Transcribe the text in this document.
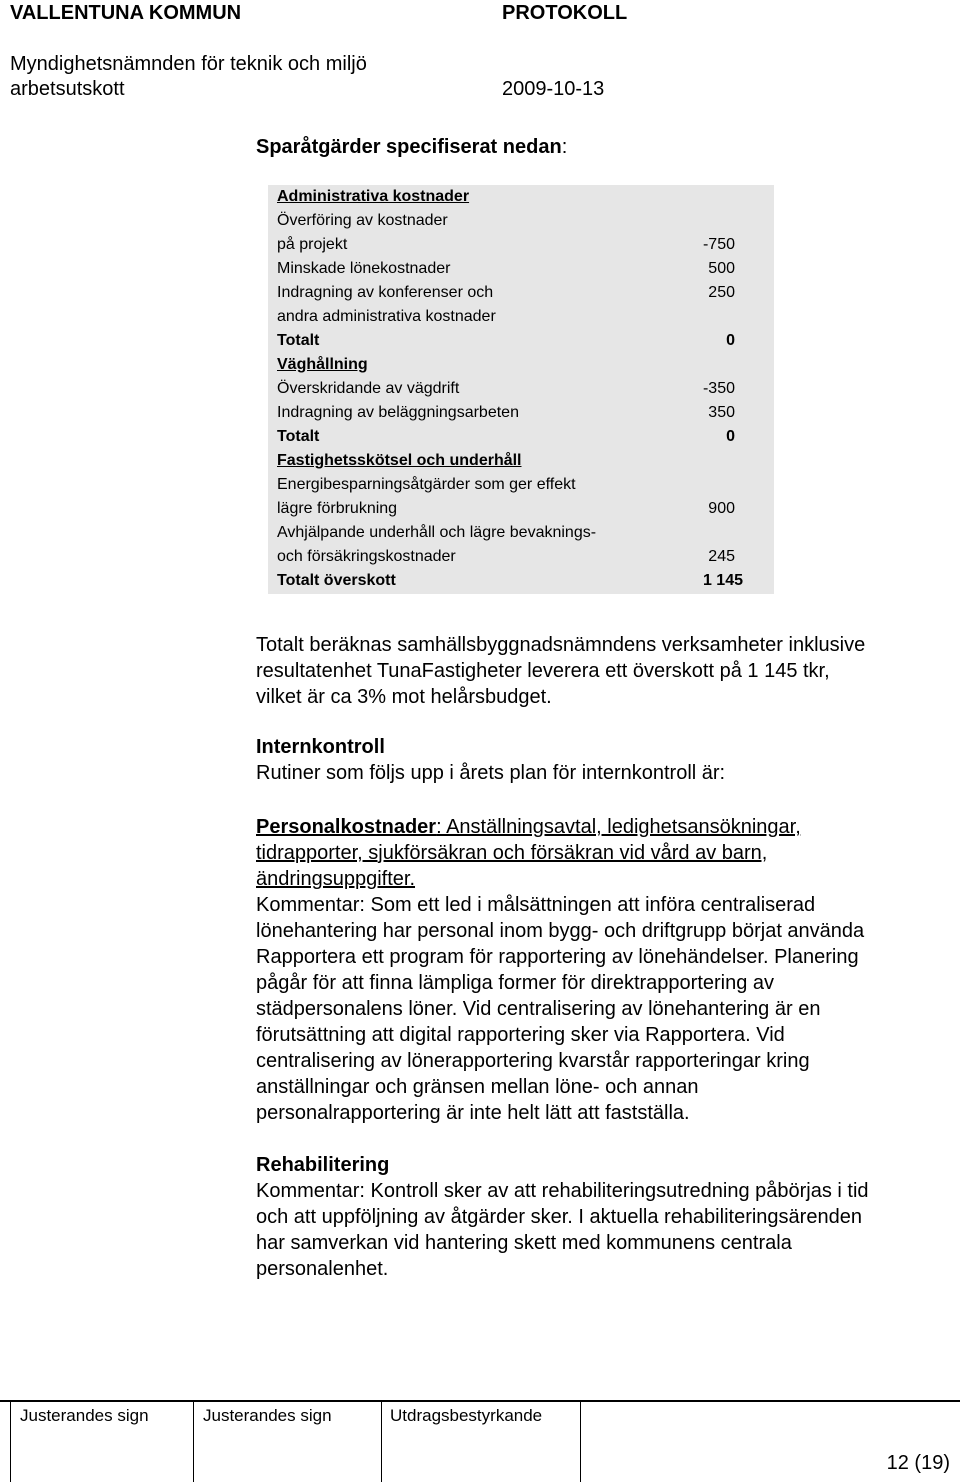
VALLENTUNA KOMMUN	PROTOKOLL
Myndighetsnämnden för teknik och miljö
arbetsutskott	2009-10-13
Sparåtgärder specifiserat nedan:
Administrativa kostnader
Överföring av kostnader
på projekt	-750
Minskade lönekostnader	500
Indragning av konferenser och	250
andra administrativa kostnader
Totalt	0
Väghållning
Överskridande av vägdrift	-350
Indragning av beläggningsarbeten	350
Totalt	0
Fastighetsskötsel och underhåll
Energibesparningsåtgärder som ger effekt
lägre förbrukning	900
Avhjälpande underhåll och lägre bevaknings-
och försäkringskostnader	245
Totalt överskott	1 145
Totalt beräknas samhällsbyggnadsnämndens verksamheter inklusive
resultatenhet TunaFastigheter leverera ett överskott på 1 145 tkr,
vilket är ca 3% mot helårsbudget.
Internkontroll
Rutiner som följs upp i årets plan för internkontroll är:
Personalkostnader: Anställningsavtal, ledighetsansökningar,
tidrapporter, sjukförsäkran och försäkran vid vård av barn,
ändringsuppgifter.
Kommentar: Som ett led i målsättningen att införa centraliserad
lönehantering har personal inom bygg- och driftgrupp börjat använda
Rapportera ett program för rapportering av lönehändelser. Planering
pågår för att finna lämpliga former för direktrapportering av
städpersonalens löner. Vid centralisering av lönehantering är en
förutsättning att digital rapportering sker via Rapportera. Vid
centralisering av lönerapportering kvarstår rapporteringar kring
anställningar och gränsen mellan löne- och annan
personalrapportering är inte helt lätt att fastställa.
Rehabilitering
Kommentar: Kontroll sker av att rehabiliteringsutredning påbörjas i tid
och att uppföljning av åtgärder sker. I aktuella rehabiliteringsärenden
har samverkan vid hantering skett med kommunens centrala
personalenhet.
Justerandes sign	Justerandes sign	Utdragsbestyrkande
12 (19)
